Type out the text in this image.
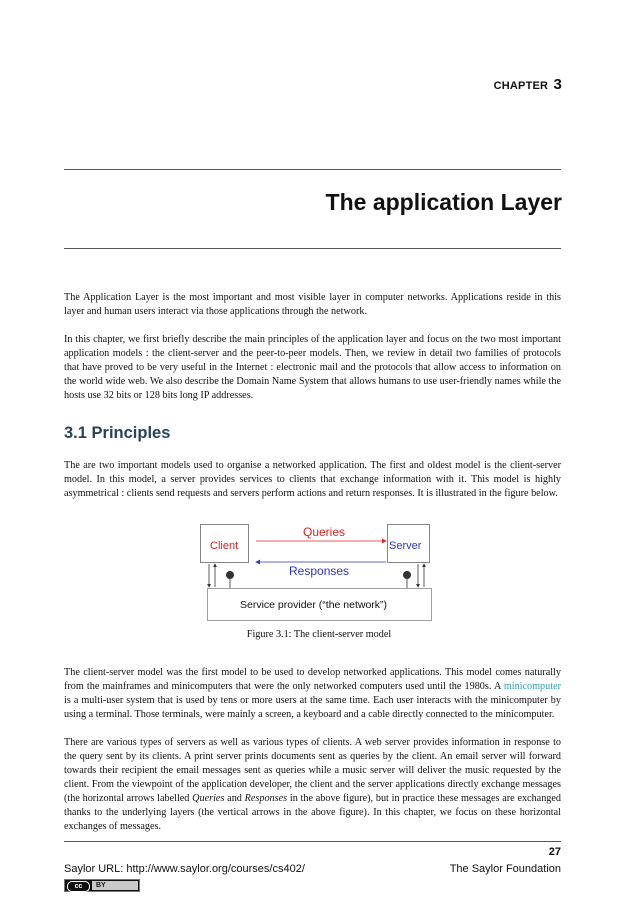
CHAPTER 3
The application Layer

The Application Layer is the most important and most visible layer in computer networks. Applications reside in this layer and human users interact via those applications through the network.

In this chapter, we first briefly describe the main principles of the application layer and focus on the two most important application models : the client-server and the peer-to-peer models. Then, we review in detail two families of protocols that have proved to be very useful in the Internet : electronic mail and the protocols that allow access to information on the world wide web. We also describe the Domain Name System that allows humans to use user-friendly names while the hosts use 32 bits or 128 bits long IP addresses.

3.1 Principles

The are two important models used to organise a networked application. The first and oldest model is the client-server model. In this model, a server provides services to clients that exchange information with it. This model is highly asymmetrical : clients send requests and servers perform actions and return responses. It is illustrated in the figure below.

Client	Server
Queries
Responses
Service provider (“the network”)
Figure 3.1: The client-server model

The client-server model was the first model to be used to develop networked applications. This model comes naturally from the mainframes and minicomputers that were the only networked computers used until the 1980s. A minicomputer is a multi-user system that is used by tens or more users at the same time. Each user interacts with the minicomputer by using a terminal. Those terminals, were mainly a screen, a keyboard and a cable directly connected to the minicomputer.

There are various types of servers as well as various types of clients. A web server provides information in response to the query sent by its clients. A print server prints documents sent as queries by the client. An email server will forward towards their recipient the email messages sent as queries while a music server will deliver the music requested by the client. From the viewpoint of the application developer, the client and the server applications directly exchange messages (the horizontal arrows labelled Queries and Responses in the above figure), but in practice these messages are exchanged thanks to the underlying layers (the vertical arrows in the above figure). In this chapter, we focus on these horizontal exchanges of messages.

27
Saylor URL: http://www.saylor.org/courses/cs402/	The Saylor Foundation
cc	BY
